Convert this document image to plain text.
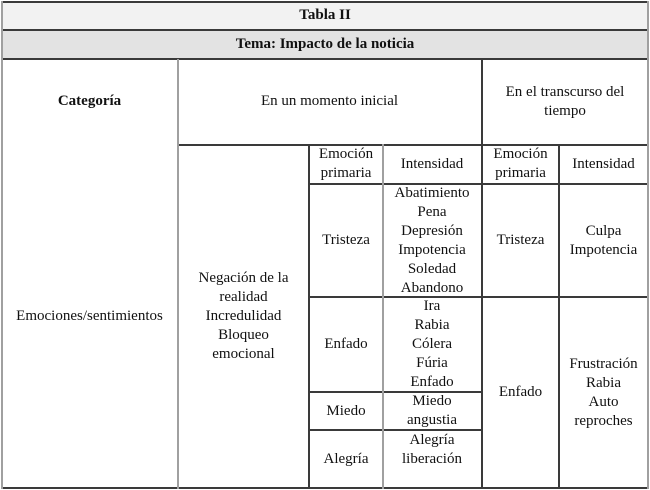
Tabla II
Tema: Impacto de la noticia
Categoría	En un momento inicial
En el transcurso del
tiempo
Emoción
primaria
Intensidad
Emoción
primaria
Intensidad
Emociones/sentimientos
Negación de la
realidad
Incredulidad
Bloqueo
emocional
Tristeza
Abatimiento
Pena
Depresión
Impotencia
Soledad
Abandono
Enfado
Ira
Rabia
Cólera
Fúria
Enfado
Miedo
Miedo
angustia
Alegría
Alegría
liberación
Tristeza
Culpa
Impotencia
Enfado
Frustración
Rabia
Auto
reproches
